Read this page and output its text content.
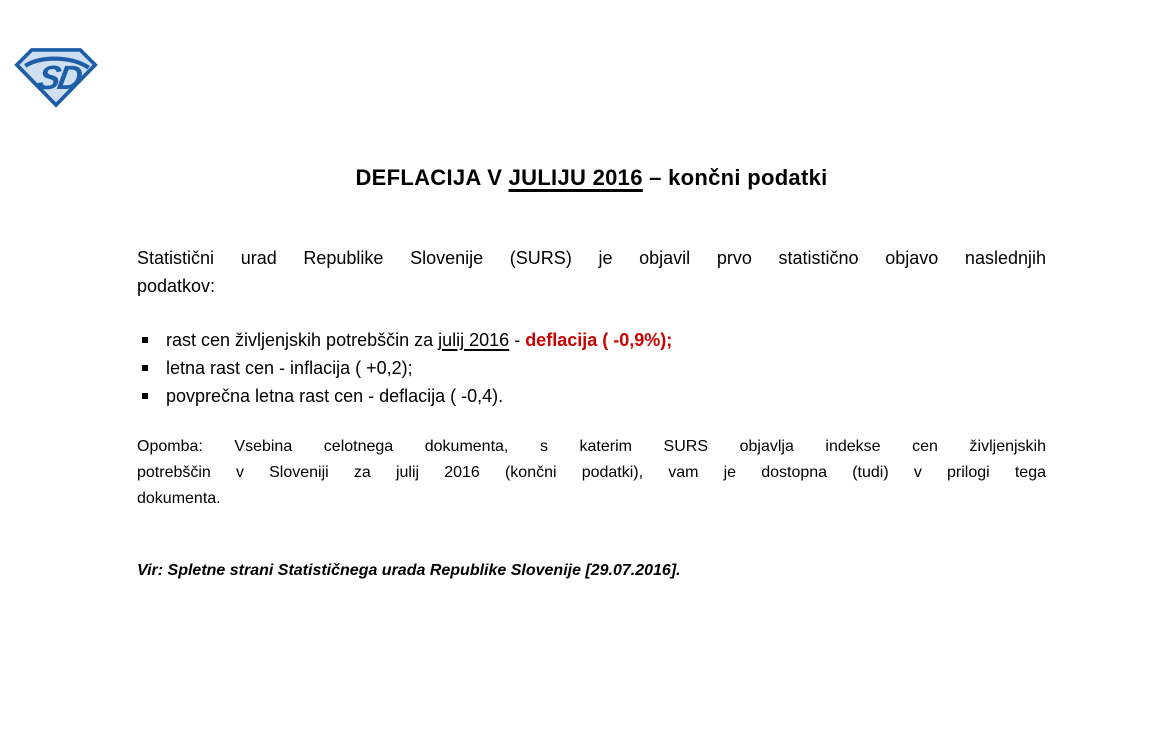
SD
DEFLACIJA V JULIJU 2016 – končni podatki
Statistični urad Republike Slovenije (SURS) je objavil prvo statistično objavo naslednjih
podatkov:
rast cen življenjskih potrebščin za julij 2016 - deflacija ( -0,9%);
letna rast cen - inflacija ( +0,2);
povprečna letna rast cen - deflacija ( -0,4).
Opomba: Vsebina celotnega dokumenta, s katerim SURS objavlja indekse cen življenjskih
potrebščin v Sloveniji za julij 2016 (končni podatki), vam je dostopna (tudi) v prilogi tega
dokumenta.
Vir: Spletne strani Statističnega urada Republike Slovenije [29.07.2016].
